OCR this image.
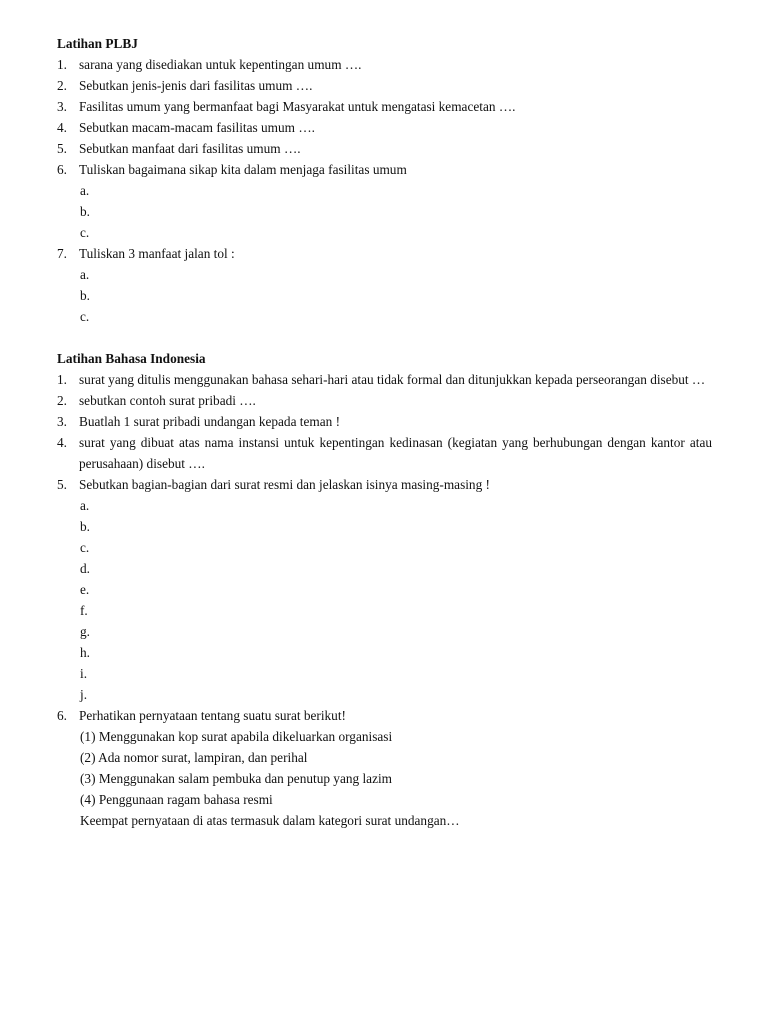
Latihan PLBJ
1. sarana yang disediakan untuk kepentingan umum ….
2. Sebutkan jenis-jenis dari fasilitas umum ….
3. Fasilitas umum yang bermanfaat bagi Masyarakat untuk mengatasi kemacetan ….
4. Sebutkan macam-macam fasilitas umum ….
5. Sebutkan manfaat dari fasilitas umum ….
6. Tuliskan bagaimana sikap kita dalam menjaga fasilitas umum
a.
b.
c.
7. Tuliskan 3 manfaat jalan tol :
a.
b.
c.
Latihan Bahasa Indonesia
1. surat yang ditulis menggunakan bahasa sehari-hari atau tidak formal dan ditunjukkan kepada perseorangan disebut …
2. sebutkan contoh surat pribadi ….
3. Buatlah 1 surat pribadi undangan kepada teman !
4. surat yang dibuat atas nama instansi untuk kepentingan kedinasan (kegiatan yang berhubungan dengan kantor atau perusahaan) disebut ….
5. Sebutkan bagian-bagian dari surat resmi dan jelaskan isinya masing-masing !
a.
b.
c.
d.
e.
f.
g.
h.
i.
j.
6. Perhatikan pernyataan tentang suatu surat berikut!
(1) Menggunakan kop surat apabila dikeluarkan organisasi
(2) Ada nomor surat, lampiran, dan perihal
(3) Menggunakan salam pembuka dan penutup yang lazim
(4) Penggunaan ragam bahasa resmi
Keempat pernyataan di atas termasuk dalam kategori surat undangan…
